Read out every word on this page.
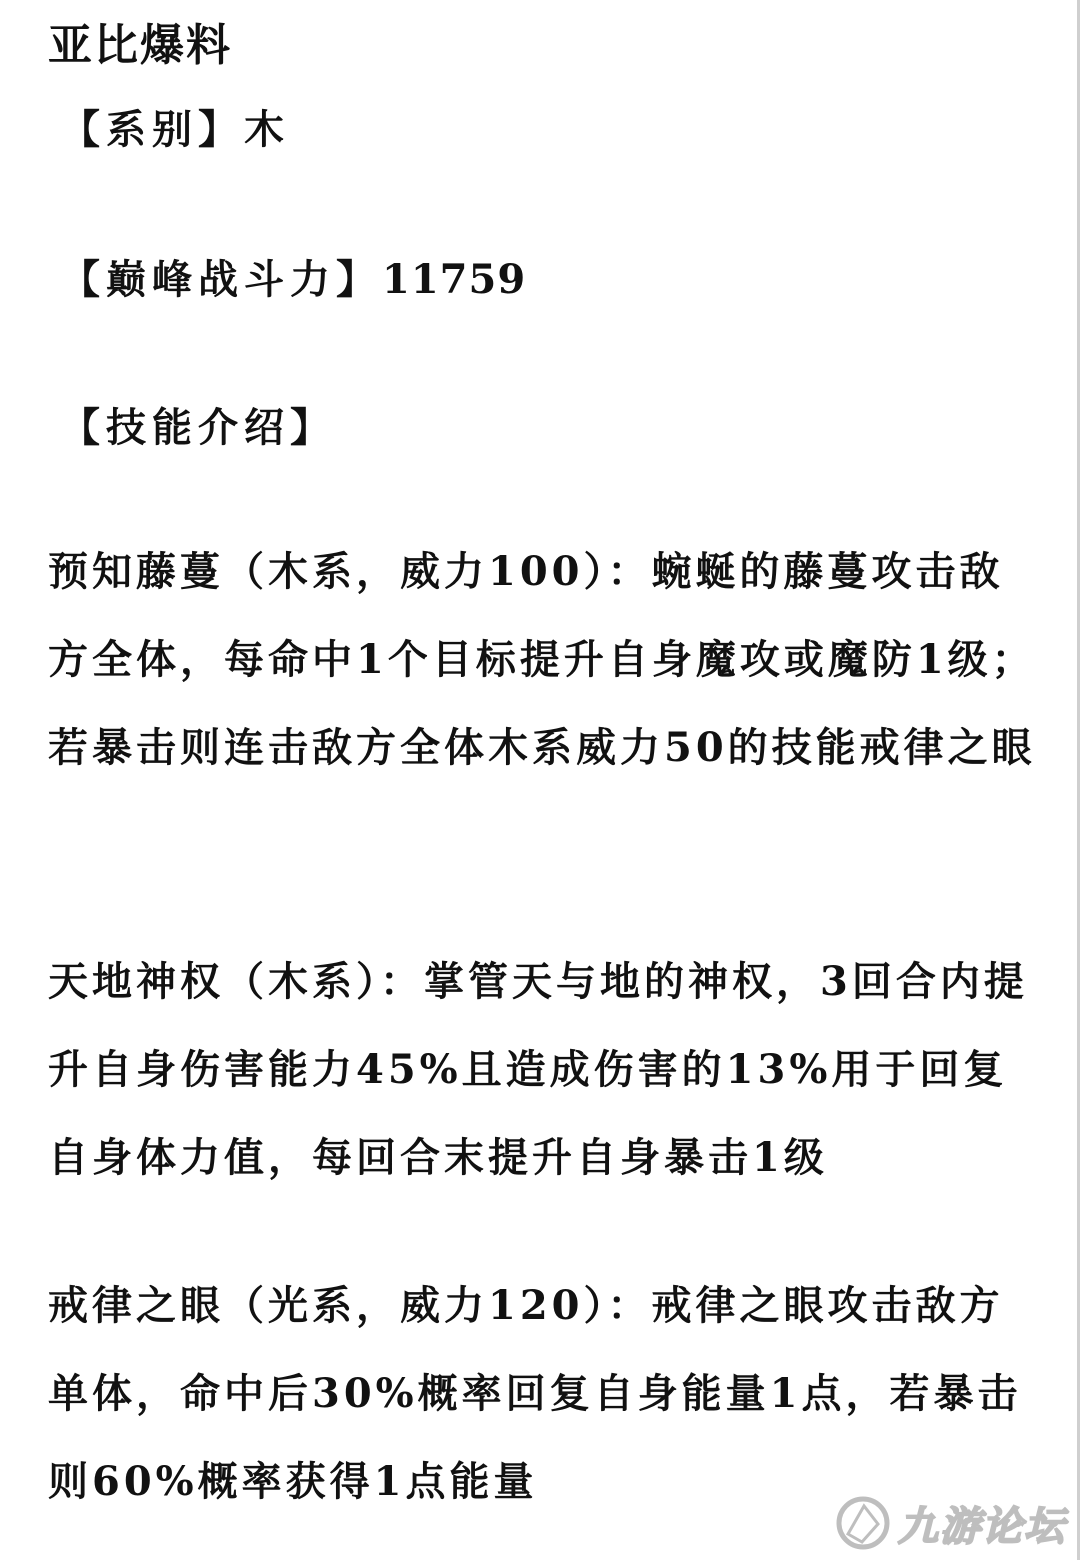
亚比爆料
【系别】木
【巅峰战斗力】11759
【技能介绍】

预知藤蔓（木系，威力100）：蜿蜒的藤蔓攻击敌方全体，每命中1个目标提升自身魔攻或魔防1级；若暴击则连击敌方全体木系威力50的技能戒律之眼

天地神权（木系）：掌管天与地的神权，3回合内提升自身伤害能力45%且造成伤害的13%用于回复自身体力值，每回合末提升自身暴击1级

戒律之眼（光系，威力120）：戒律之眼攻击敌方单体，命中后30%概率回复自身能量1点，若暴击则60%概率获得1点能量

九游论坛
